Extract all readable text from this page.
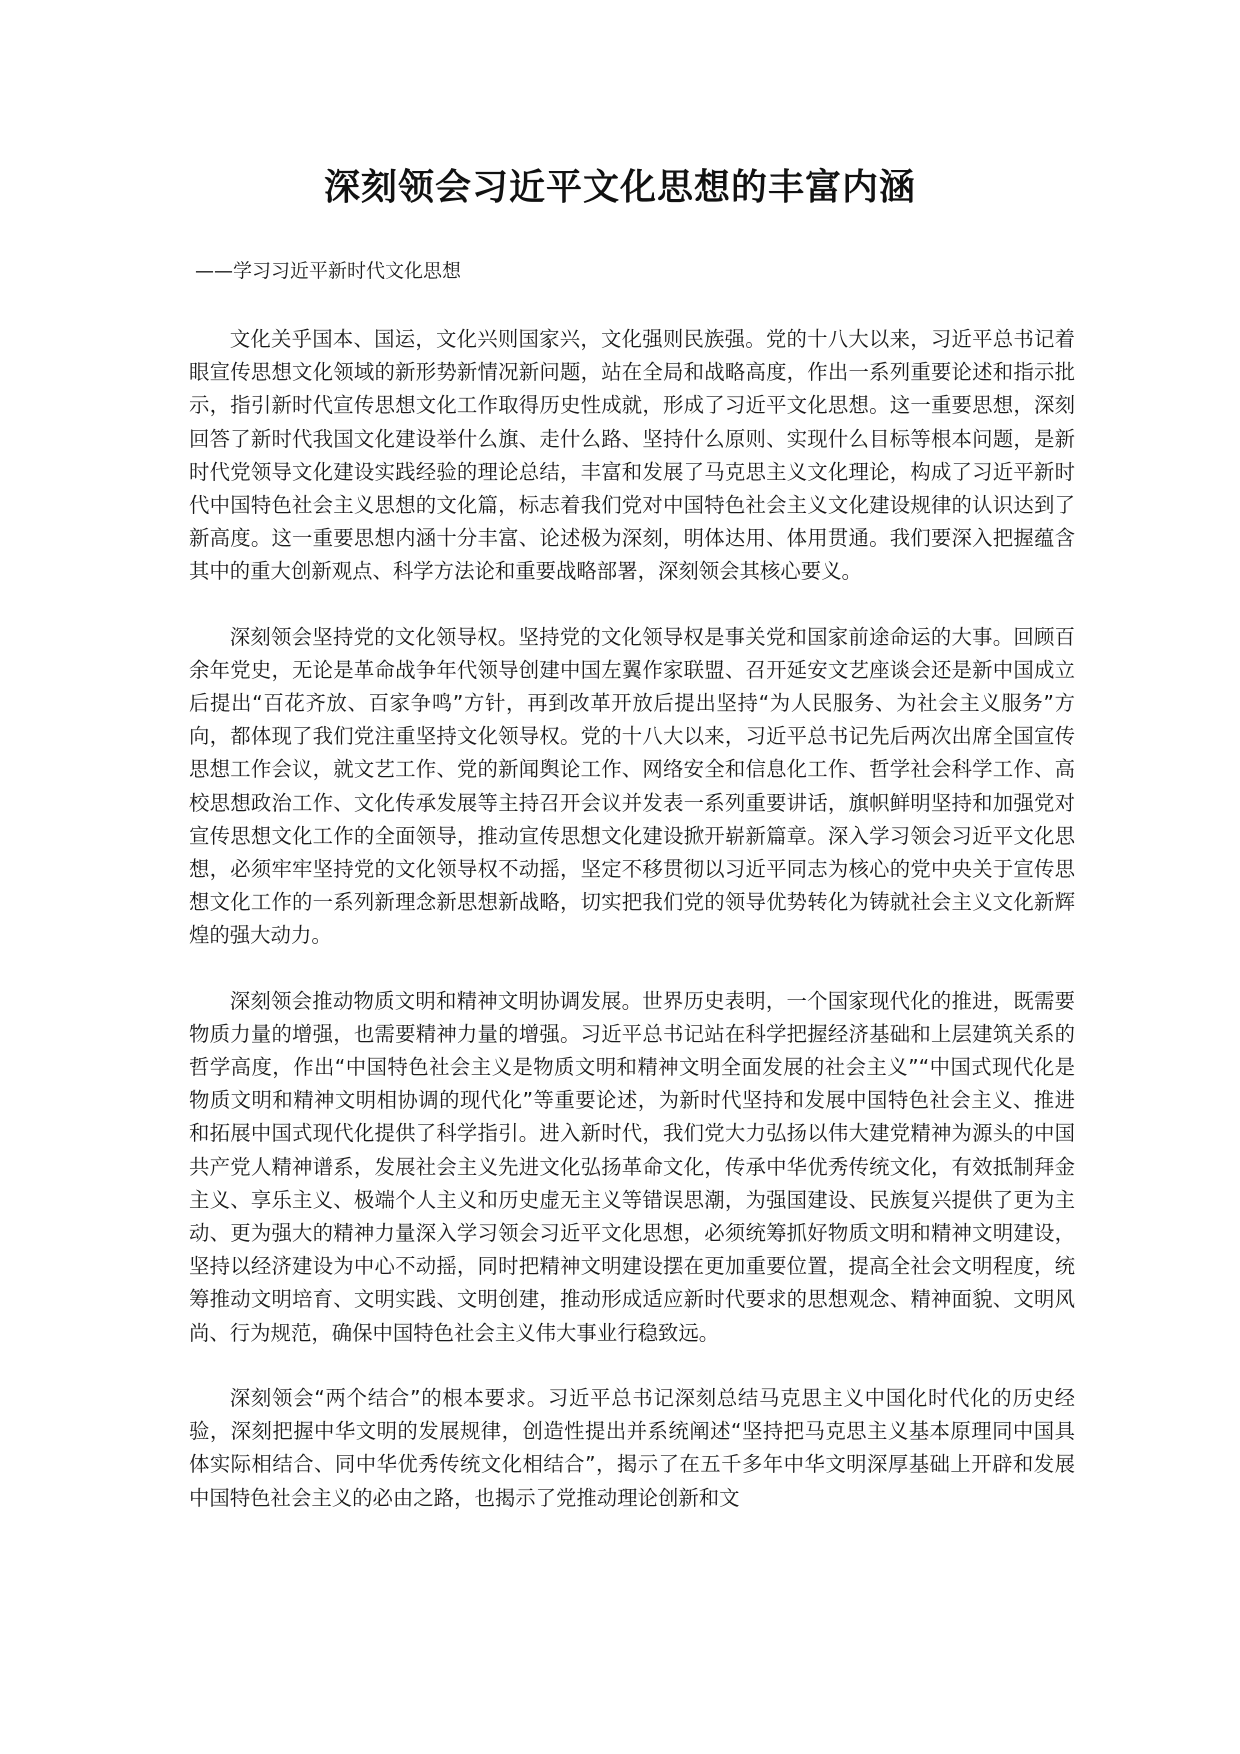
深刻领会习近平文化思想的丰富内涵
——学习习近平新时代文化思想

文化关乎国本、国运，文化兴则国家兴，文化强则民族强。党的十八大以来，习近平总书记着眼宣传思想文化领域的新形势新情况新问题，站在全局和战略高度，作出一系列重要论述和指示批示，指引新时代宣传思想文化工作取得历史性成就，形成了习近平文化思想。这一重要思想，深刻回答了新时代我国文化建设举什么旗、走什么路、坚持什么原则、实现什么目标等根本问题，是新时代党领导文化建设实践经验的理论总结，丰富和发展了马克思主义文化理论，构成了习近平新时代中国特色社会主义思想的文化篇，标志着我们党对中国特色社会主义文化建设规律的认识达到了新高度。这一重要思想内涵十分丰富、论述极为深刻，明体达用、体用贯通。我们要深入把握蕴含其中的重大创新观点、科学方法论和重要战略部署，深刻领会其核心要义。

深刻领会坚持党的文化领导权。坚持党的文化领导权是事关党和国家前途命运的大事。回顾百余年党史，无论是革命战争年代领导创建中国左翼作家联盟、召开延安文艺座谈会还是新中国成立后提出“百花齐放、百家争鸣”方针，再到改革开放后提出坚持“为人民服务、为社会主义服务”方向，都体现了我们党注重坚持文化领导权。党的十八大以来，习近平总书记先后两次出席全国宣传思想工作会议，就文艺工作、党的新闻舆论工作、网络安全和信息化工作、哲学社会科学工作、高校思想政治工作、文化传承发展等主持召开会议并发表一系列重要讲话，旗帜鲜明坚持和加强党对宣传思想文化工作的全面领导，推动宣传思想文化建设掀开崭新篇章。深入学习领会习近平文化思想，必须牢牢坚持党的文化领导权不动摇，坚定不移贯彻以习近平同志为核心的党中央关于宣传思想文化工作的一系列新理念新思想新战略，切实把我们党的领导优势转化为铸就社会主义文化新辉煌的强大动力。

深刻领会推动物质文明和精神文明协调发展。世界历史表明，一个国家现代化的推进，既需要物质力量的增强，也需要精神力量的增强。习近平总书记站在科学把握经济基础和上层建筑关系的哲学高度，作出“中国特色社会主义是物质文明和精神文明全面发展的社会主义”“中国式现代化是物质文明和精神文明相协调的现代化”等重要论述，为新时代坚持和发展中国特色社会主义、推进和拓展中国式现代化提供了科学指引。进入新时代，我们党大力弘扬以伟大建党精神为源头的中国共产党人精神谱系，发展社会主义先进文化弘扬革命文化，传承中华优秀传统文化，有效抵制拜金主义、享乐主义、极端个人主义和历史虚无主义等错误思潮，为强国建设、民族复兴提供了更为主动、更为强大的精神力量深入学习领会习近平文化思想，必须统筹抓好物质文明和精神文明建设，坚持以经济建设为中心不动摇，同时把精神文明建设摆在更加重要位置，提高全社会文明程度，统筹推动文明培育、文明实践、文明创建，推动形成适应新时代要求的思想观念、精神面貌、文明风尚、行为规范，确保中国特色社会主义伟大事业行稳致远。

深刻领会“两个结合”的根本要求。习近平总书记深刻总结马克思主义中国化时代化的历史经验，深刻把握中华文明的发展规律，创造性提出并系统阐述“坚持把马克思主义基本原理同中国具体实际相结合、同中华优秀传统文化相结合”，揭示了在五千多年中华文明深厚基础上开辟和发展中国特色社会主义的必由之路，也揭示了党推动理论创新和文
